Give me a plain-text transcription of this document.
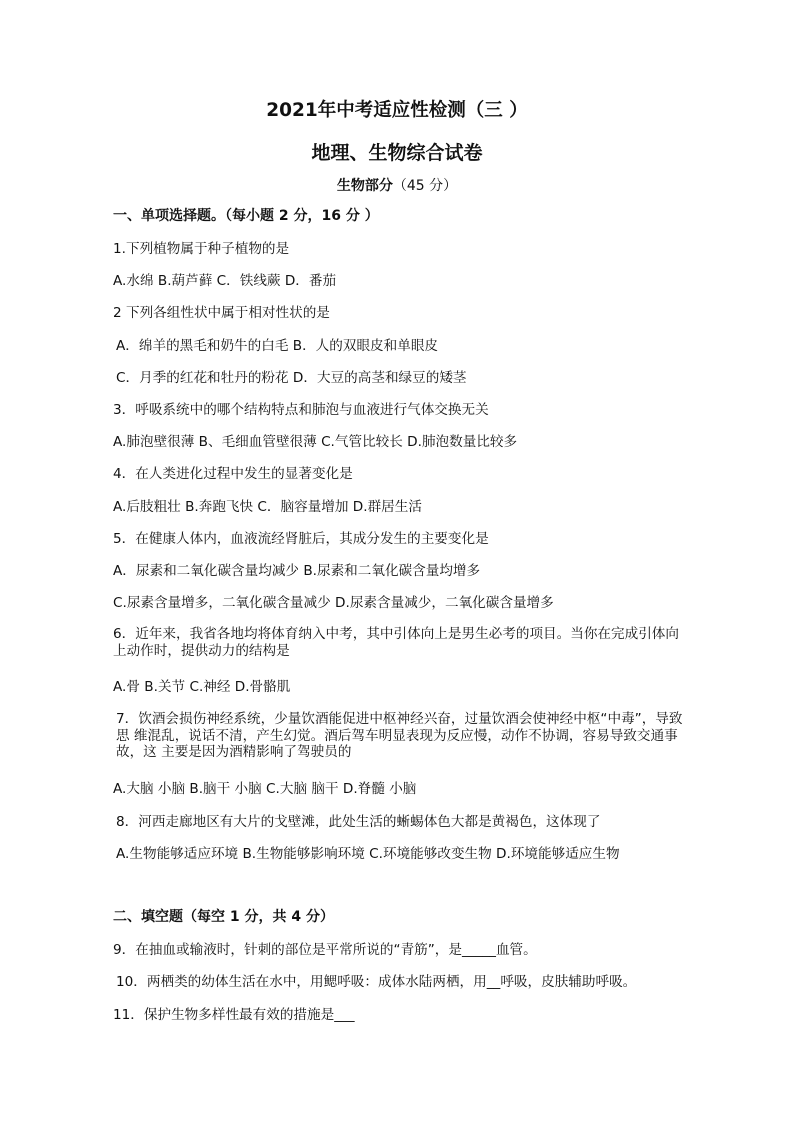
2021年中考适应性检测（三 ）
地理、生物综合试卷
生物部分（45 分）
一、单项选择题。（每小题 2 分，16 分 ）
1.下列植物属于种子植物的是
A.水绵 B.葫芦藓 C．铁线蕨 D．番茄
2 下列各组性状中属于相对性状的是
A．绵羊的黑毛和奶牛的白毛 B．人的双眼皮和单眼皮
C．月季的红花和牡丹的粉花 D．大豆的高茎和绿豆的矮茎
3．呼吸系统中的哪个结构特点和肺泡与血液进行气体交换无关
A.肺泡壁很薄 B、毛细血管壁很薄 C.气管比较长 D.肺泡数量比较多
4．在人类进化过程中发生的显著变化是
A.后肢粗壮 B.奔跑飞快 C．脑容量增加 D.群居生活
5．在健康人体内，血液流经肾脏后，其成分发生的主要变化是
A．尿素和二氧化碳含量均减少 B.尿素和二氧化碳含量均增多
C.尿素含量增多，二氧化碳含量减少 D.尿素含量减少，二氧化碳含量增多
6．近年来，我省各地均将体育纳入中考，其中引体向上是男生必考的项目。当你在完成引体向上动作时，提供动力的结构是
A.骨 B.关节 C.神经 D.骨骼肌
7．饮酒会损伤神经系统，少量饮酒能促进中枢神经兴奋，过量饮酒会使神经中枢“中毒”，导致思 维混乱，说话不清，产生幻觉。酒后驾车明显表现为反应慢，动作不协调，容易导致交通事故，这 主要是因为酒精影响了驾驶员的
A.大脑 小脑 B.脑干 小脑 C.大脑 脑干 D.脊髓 小脑
8．河西走廊地区有大片的戈壁滩，此处生活的蜥蜴体色大都是黄褐色，这体现了
A.生物能够适应环境 B.生物能够影响环境 C.环境能够改变生物 D.环境能够适应生物
二、填空题（每空 1 分，共 4 分）
9．在抽血或输液时，针刺的部位是平常所说的“青筋”，是_____血管。
10．两栖类的幼体生活在水中，用鳃呼吸：成体水陆两栖，用__呼吸，皮肤辅助呼吸。
11．保护生物多样性最有效的措施是___
